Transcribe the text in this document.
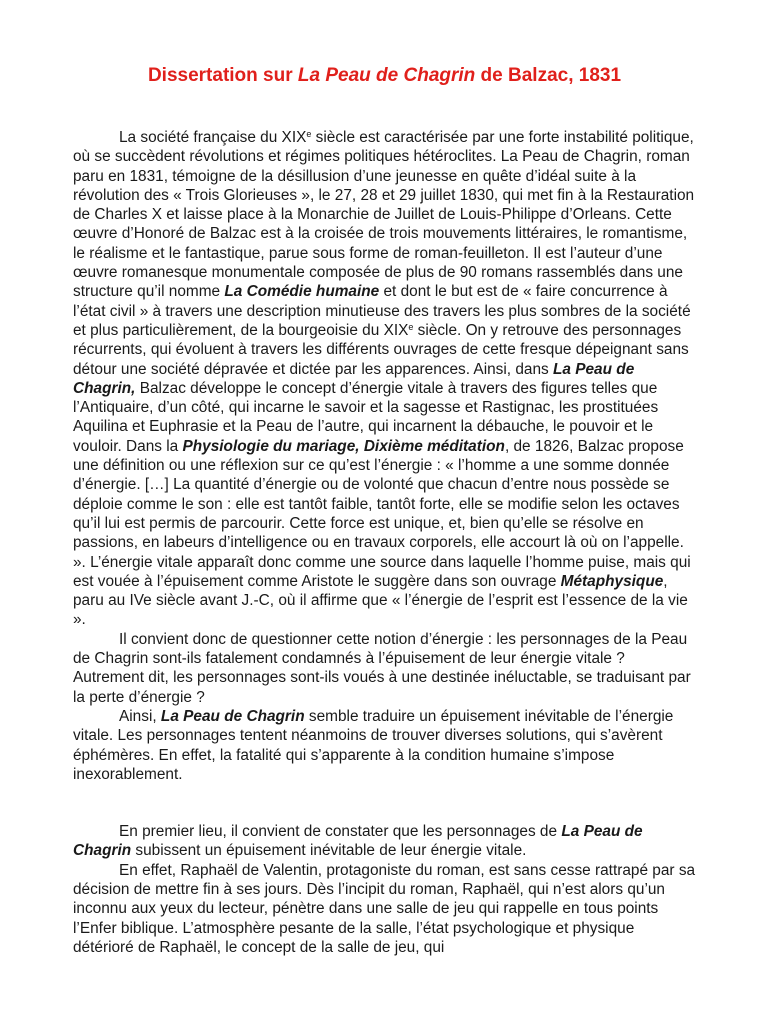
Dissertation sur La Peau de Chagrin de Balzac, 1831

La société française du XIXe siècle est caractérisée par une forte instabilité politique, où se succèdent révolutions et régimes politiques hétéroclites. La Peau de Chagrin, roman paru en 1831, témoigne de la désillusion d’une jeunesse en quête d’idéal suite à la révolution des « Trois Glorieuses », le 27, 28 et 29 juillet 1830, qui met fin à la Restauration de Charles X et laisse place à la Monarchie de Juillet de Louis-Philippe d’Orleans. Cette œuvre d’Honoré de Balzac est à la croisée de trois mouvements littéraires, le romantisme, le réalisme et le fantastique, parue sous forme de roman-feuilleton. Il est l’auteur d’une œuvre romanesque monumentale composée de plus de 90 romans rassemblés dans une structure qu’il nomme La Comédie humaine et dont le but est de « faire concurrence à l’état civil » à travers une description minutieuse des travers les plus sombres de la société et plus particulièrement, de la bourgeoisie du XIXe siècle. On y retrouve des personnages récurrents, qui évoluent à travers les différents ouvrages de cette fresque dépeignant sans détour une société dépravée et dictée par les apparences. Ainsi, dans La Peau de Chagrin, Balzac développe le concept d’énergie vitale à travers des figures telles que l’Antiquaire, d’un côté, qui incarne le savoir et la sagesse et Rastignac, les prostituées Aquilina et Euphrasie et la Peau de l’autre, qui incarnent la débauche, le pouvoir et le vouloir. Dans la Physiologie du mariage, Dixième méditation, de 1826, Balzac propose une définition ou une réflexion sur ce qu’est l’énergie : « l’homme a une somme donnée d’énergie. […] La quantité d’énergie ou de volonté que chacun d’entre nous possède se déploie comme le son : elle est tantôt faible, tantôt forte, elle se modifie selon les octaves qu’il lui est permis de parcourir. Cette force est unique, et, bien qu’elle se résolve en passions, en labeurs d’intelligence ou en travaux corporels, elle accourt là où on l’appelle. ». L’énergie vitale apparaît donc comme une source dans laquelle l’homme puise, mais qui est vouée à l’épuisement comme Aristote le suggère dans son ouvrage Métaphysique, paru au IVe siècle avant J.-C, où il affirme que « l’énergie de l’esprit est l’essence de la vie ».

Il convient donc de questionner cette notion d’énergie : les personnages de la Peau de Chagrin sont-ils fatalement condamnés à l’épuisement de leur énergie vitale ? Autrement dit, les personnages sont-ils voués à une destinée inéluctable, se traduisant par la perte d’énergie ?

Ainsi, La Peau de Chagrin semble traduire un épuisement inévitable de l’énergie vitale. Les personnages tentent néanmoins de trouver diverses solutions, qui s’avèrent éphémères. En effet, la fatalité qui s’apparente à la condition humaine s’impose inexorablement.

En premier lieu, il convient de constater que les personnages de La Peau de Chagrin subissent un épuisement inévitable de leur énergie vitale.

En effet, Raphaël de Valentin, protagoniste du roman, est sans cesse rattrapé par sa décision de mettre fin à ses jours. Dès l’incipit du roman, Raphaël, qui n’est alors qu’un inconnu aux yeux du lecteur, pénètre dans une salle de jeu qui rappelle en tous points l’Enfer biblique. L’atmosphère pesante de la salle, l’état psychologique et physique détérioré de Raphaël, le concept de la salle de jeu, qui
